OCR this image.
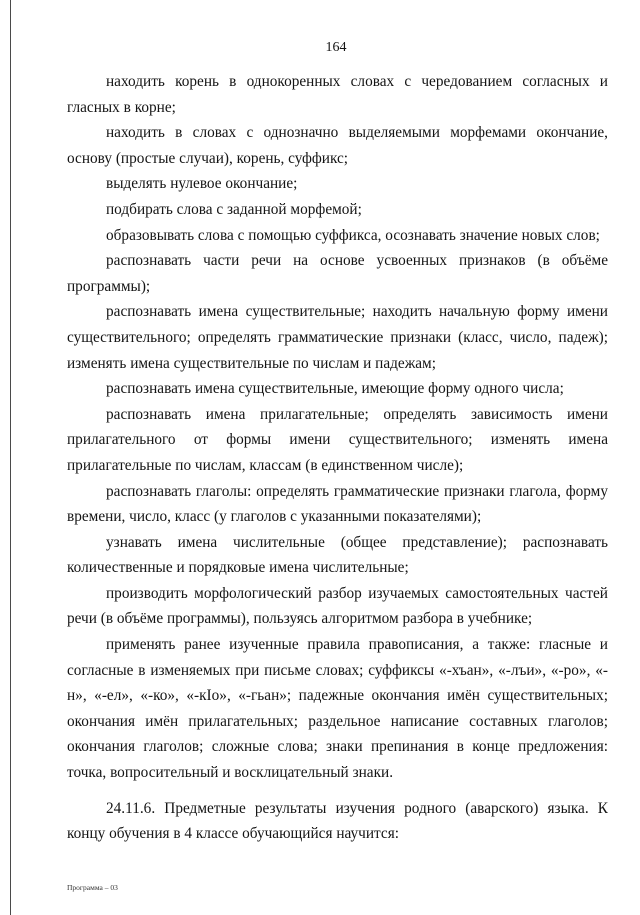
164

находить корень в однокоренных словах с чередованием согласных и гласных в корне;

находить в словах с однозначно выделяемыми морфемами окончание, основу (простые случаи), корень, суффикс;

выделять нулевое окончание;

подбирать слова с заданной морфемой;

образовывать слова с помощью суффикса, осознавать значение новых слов;

распознавать части речи на основе усвоенных признаков (в объёме программы);

распознавать имена существительные; находить начальную форму имени существительного; определять грамматические признаки (класс, число, падеж); изменять имена существительные по числам и падежам;

распознавать имена существительные, имеющие форму одного числа;

распознавать имена прилагательные; определять зависимость имени прилагательного от формы имени существительного; изменять имена прилагательные по числам, классам (в единственном числе);

распознавать глаголы: определять грамматические признаки глагола, форму времени, число, класс (у глаголов с указанными показателями);

узнавать имена числительные (общее представление); распознавать количественные и порядковые имена числительные;

производить морфологический разбор изучаемых самостоятельных частей речи (в объёме программы), пользуясь алгоритмом разбора в учебнике;

применять ранее изученные правила правописания, а также: гласные и согласные в изменяемых при письме словах; суффиксы «-хъан», «-лъи», «-ро», «-н», «-ел», «-ко», «-кIо», «-гьан»; падежные окончания имён существительных; окончания имён прилагательных; раздельное написание составных глаголов; окончания глаголов; сложные слова; знаки препинания в конце предложения: точка, вопросительный и восклицательный знаки.

24.11.6. Предметные результаты изучения родного (аварского) языка. К концу обучения в 4 классе обучающийся научится:

Программа – 03
